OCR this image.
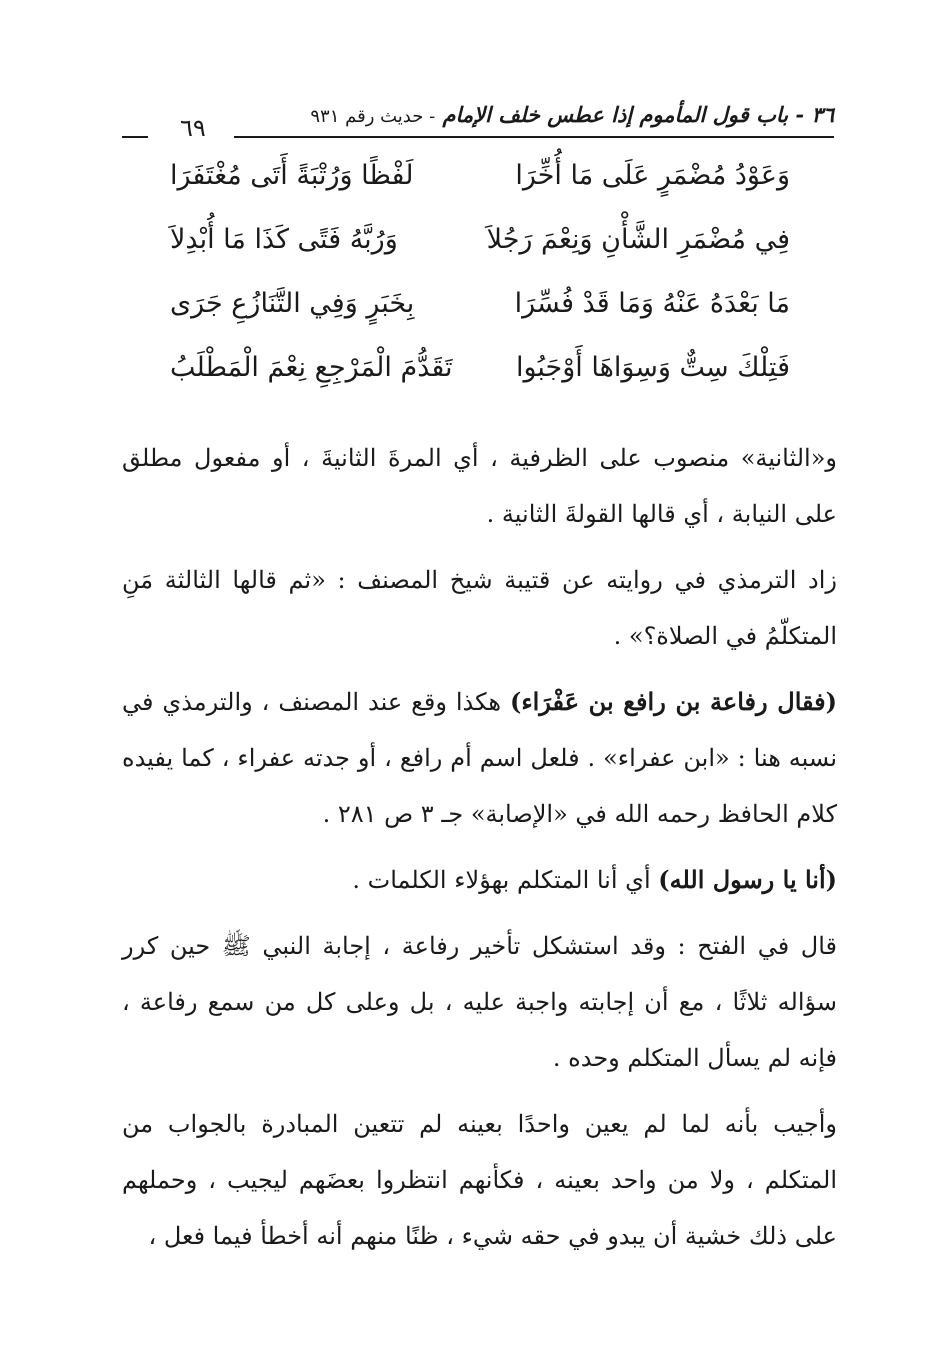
٣٦ - باب قول المأموم إذا عطس خلف الإمام - حديث رقم ٩٣١
٦٩
وَعَوْدُ مُضْمَرٍ عَلَى مَا أُخِّرَا
لَفْظًا وَرُتْبَةً أَتَى مُغْتَفَرَا
فِي مُضْمَرِ الشَّأْنِ وَنِعْمَ رَجُلاَ
وَرُبَّهُ فَتًى كَذَا مَا أُبْدِلاَ
مَا بَعْدَهُ عَنْهُ وَمَا قَدْ فُسِّرَا
بِخَبَرٍ وَفِي التَّنَازُعِ جَرَى
فَتِلْكَ سِتٌّ وَسِوَاهَا أَوْجَبُوا
تَقَدُّمَ الْمَرْجِعِ نِعْمَ الْمَطْلَبُ

و«الثانية» منصوب على الظرفية ، أي المرةَ الثانيةَ ، أو مفعول مطلق على النيابة ، أي قالها القولةَ الثانية .

زاد الترمذي في روايته عن قتيبة شيخ المصنف : «ثم قالها الثالثة مَنِ المتكلّمُ في الصلاة؟» .

(فقال رفاعة بن رافع بن عَفْرَاء) هكذا وقع عند المصنف ، والترمذي في نسبه هنا : «ابن عفراء» . فلعل اسم أم رافع ، أو جدته عفراء ، كما يفيده كلام الحافظ رحمه الله في «الإصابة» جـ ٣ ص ٢٨١ .

(أنا يا رسول الله) أي أنا المتكلم بهؤلاء الكلمات .

قال في الفتح : وقد استشكل تأخير رفاعة ، إجابة النبي ﷺ حين كرر سؤاله ثلاثًا ، مع أن إجابته واجبة عليه ، بل وعلى كل من سمع رفاعة ، فإنه لم يسأل المتكلم وحده .

وأجيب بأنه لما لم يعين واحدًا بعينه لم تتعين المبادرة بالجواب من المتكلم ، ولا من واحد بعينه ، فكأنهم انتظروا بعضَهم ليجيب ، وحملهم على ذلك خشية أن يبدو في حقه شيء ، ظنًا منهم أنه أخطأ فيما فعل ،
